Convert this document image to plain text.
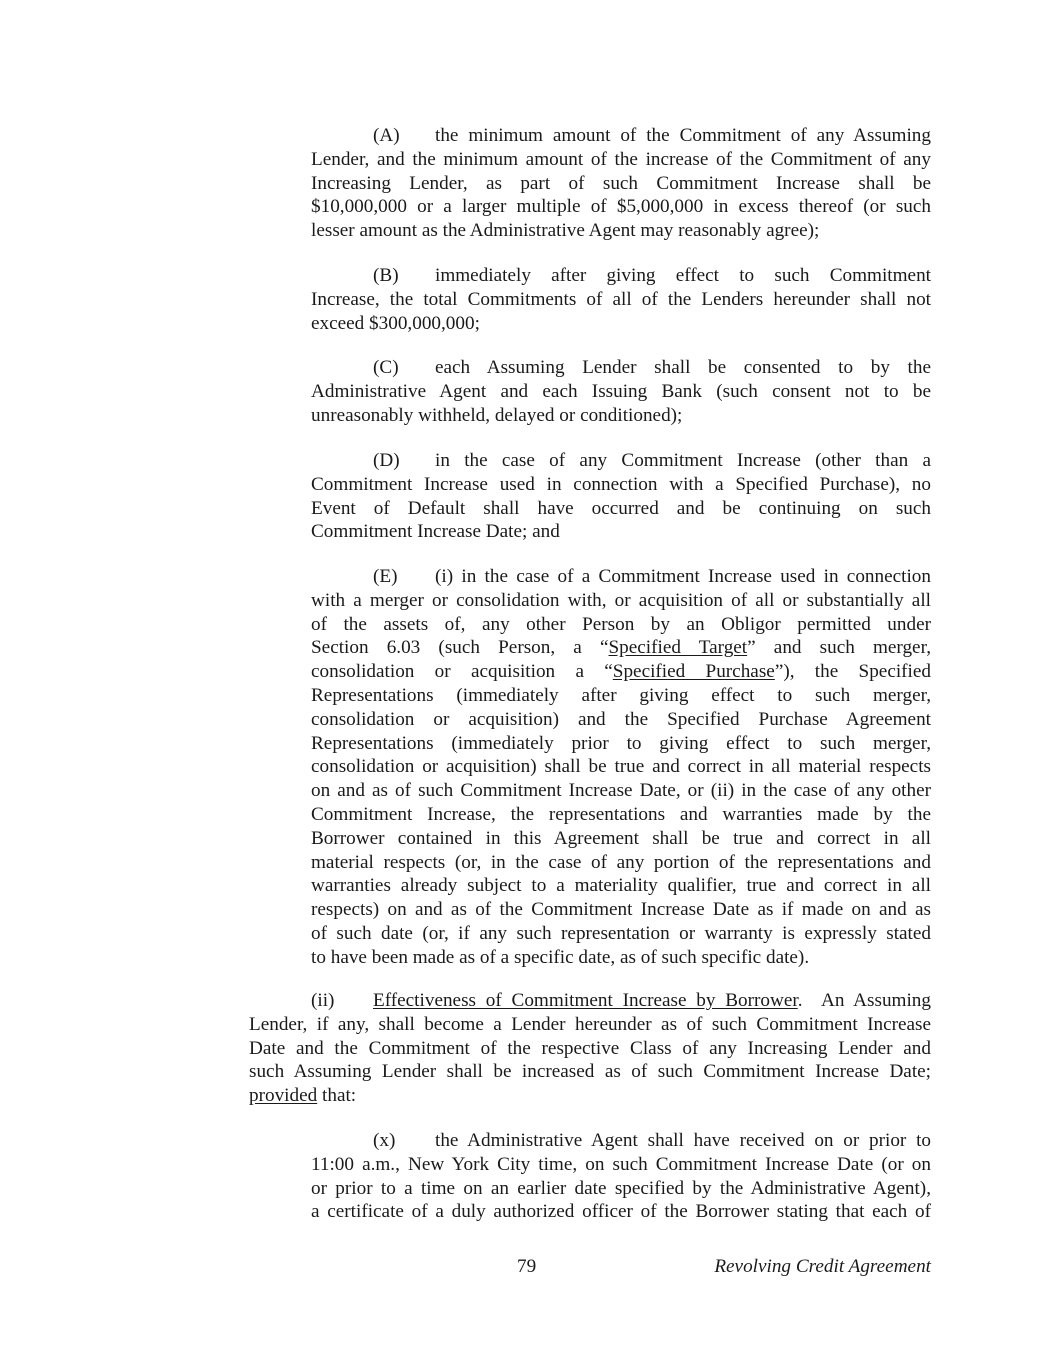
(A) the minimum amount of the Commitment of any Assuming
Lender, and the minimum amount of the increase of the Commitment of any
Increasing Lender, as part of such Commitment Increase shall be
$10,000,000 or a larger multiple of $5,000,000 in excess thereof (or such
lesser amount as the Administrative Agent may reasonably agree);
(B) immediately after giving effect to such Commitment
Increase, the total Commitments of all of the Lenders hereunder shall not
exceed $300,000,000;
(C) each Assuming Lender shall be consented to by the
Administrative Agent and each Issuing Bank (such consent not to be
unreasonably withheld, delayed or conditioned);
(D) in the case of any Commitment Increase (other than a
Commitment Increase used in connection with a Specified Purchase), no
Event of Default shall have occurred and be continuing on such
Commitment Increase Date; and
(E) (i) in the case of a Commitment Increase used in connection
with a merger or consolidation with, or acquisition of all or substantially all
of the assets of, any other Person by an Obligor permitted under
Section 6.03 (such Person, a “Specified Target” and such merger,
consolidation or acquisition a “Specified Purchase”), the Specified
Representations (immediately after giving effect to such merger,
consolidation or acquisition) and the Specified Purchase Agreement
Representations (immediately prior to giving effect to such merger,
consolidation or acquisition) shall be true and correct in all material respects
on and as of such Commitment Increase Date, or (ii) in the case of any other
Commitment Increase, the representations and warranties made by the
Borrower contained in this Agreement shall be true and correct in all
material respects (or, in the case of any portion of the representations and
warranties already subject to a materiality qualifier, true and correct in all
respects) on and as of the Commitment Increase Date as if made on and as
of such date (or, if any such representation or warranty is expressly stated
to have been made as of a specific date, as of such specific date).
(ii) Effectiveness of Commitment Increase by Borrower.  An Assuming
Lender, if any, shall become a Lender hereunder as of such Commitment Increase
Date and the Commitment of the respective Class of any Increasing Lender and
such Assuming Lender shall be increased as of such Commitment Increase Date;
provided that:
(x) the Administrative Agent shall have received on or prior to
11:00 a.m., New York City time, on such Commitment Increase Date (or on
or prior to a time on an earlier date specified by the Administrative Agent),
a certificate of a duly authorized officer of the Borrower stating that each of
79	Revolving Credit Agreement
